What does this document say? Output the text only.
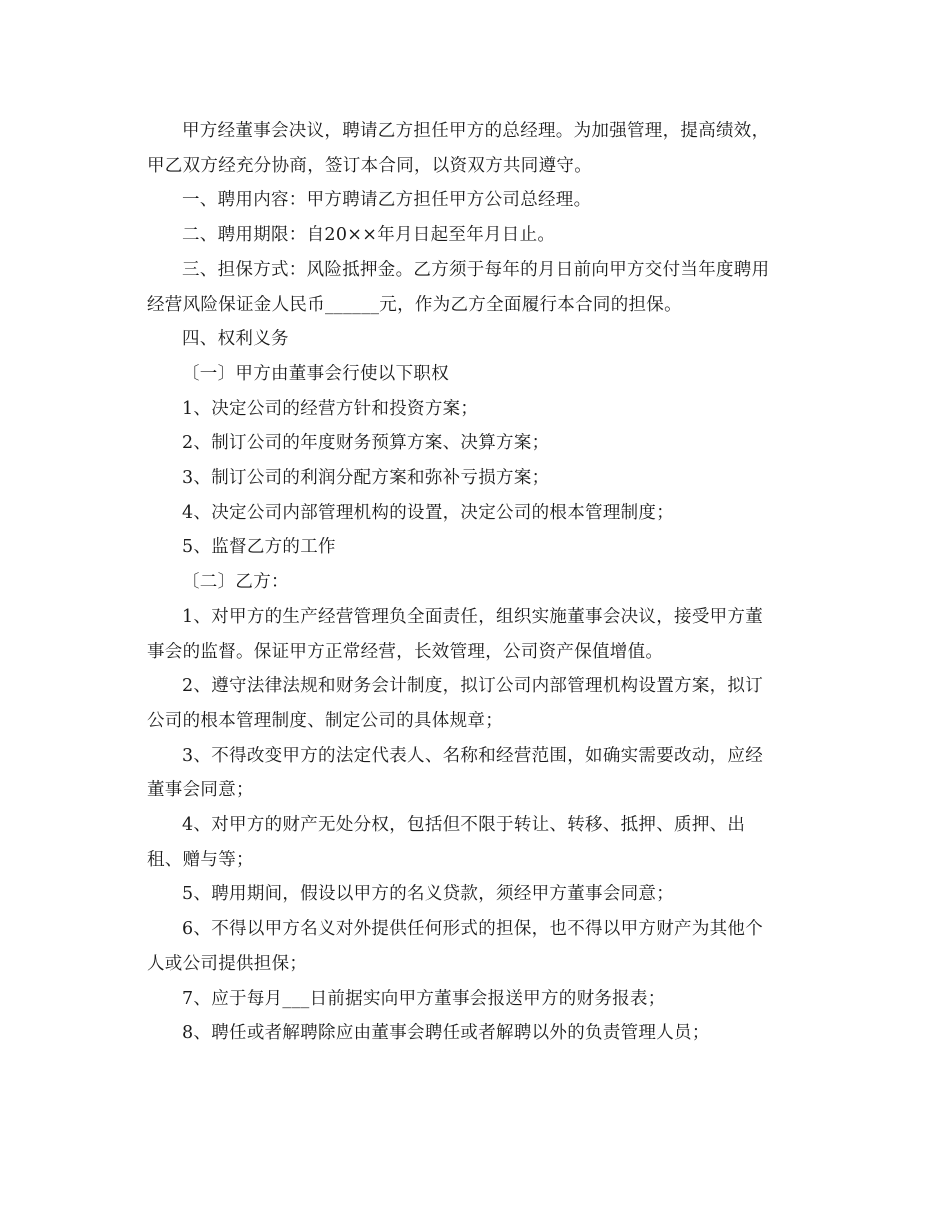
甲方经董事会决议，聘请乙方担任甲方的总经理。为加强管理，提高绩效，
甲乙双方经充分协商，签订本合同，以资双方共同遵守。
一、聘用内容：甲方聘请乙方担任甲方公司总经理。
二、聘用期限：自20××年月日起至年月日止。
三、担保方式：风险抵押金。乙方须于每年的月日前向甲方交付当年度聘用
经营风险保证金人民币______元，作为乙方全面履行本合同的担保。
四、权利义务
〔一〕甲方由董事会行使以下职权
1、决定公司的经营方针和投资方案；
2、制订公司的年度财务预算方案、决算方案；
3、制订公司的利润分配方案和弥补亏损方案；
4、决定公司内部管理机构的设置，决定公司的根本管理制度；
5、监督乙方的工作
〔二〕乙方：
1、对甲方的生产经营管理负全面责任，组织实施董事会决议，接受甲方董
事会的监督。保证甲方正常经营，长效管理，公司资产保值增值。
2、遵守法律法规和财务会计制度，拟订公司内部管理机构设置方案，拟订
公司的根本管理制度、制定公司的具体规章；
3、不得改变甲方的法定代表人、名称和经营范围，如确实需要改动，应经
董事会同意；
4、对甲方的财产无处分权，包括但不限于转让、转移、抵押、质押、出
租、赠与等；
5、聘用期间，假设以甲方的名义贷款，须经甲方董事会同意；
6、不得以甲方名义对外提供任何形式的担保，也不得以甲方财产为其他个
人或公司提供担保；
7、应于每月___日前据实向甲方董事会报送甲方的财务报表；
8、聘任或者解聘除应由董事会聘任或者解聘以外的负责管理人员；
